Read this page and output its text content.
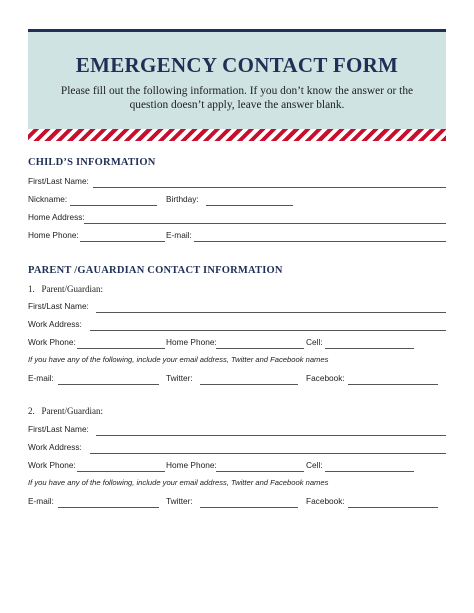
EMERGENCY CONTACT FORM
Please fill out the following information. If you don’t know the answer or the
question doesn’t apply, leave the answer blank.
CHILD’S INFORMATION
First/Last Name:
Nickname:	Birthday:
Home Address:
Home Phone:	E-mail:
PARENT /GAUARDIAN CONTACT INFORMATION
1.   Parent/Guardian:
First/Last Name:
Work Address:
Work Phone:	Home Phone:	Cell:
If you have any of the following, include your email address, Twitter and Facebook names
E-mail:	Twitter:	Facebook:
2.   Parent/Guardian:
First/Last Name:
Work Address:
Work Phone:	Home Phone:	Cell:
If you have any of the following, include your email address, Twitter and Facebook names
E-mail:	Twitter:	Facebook:
